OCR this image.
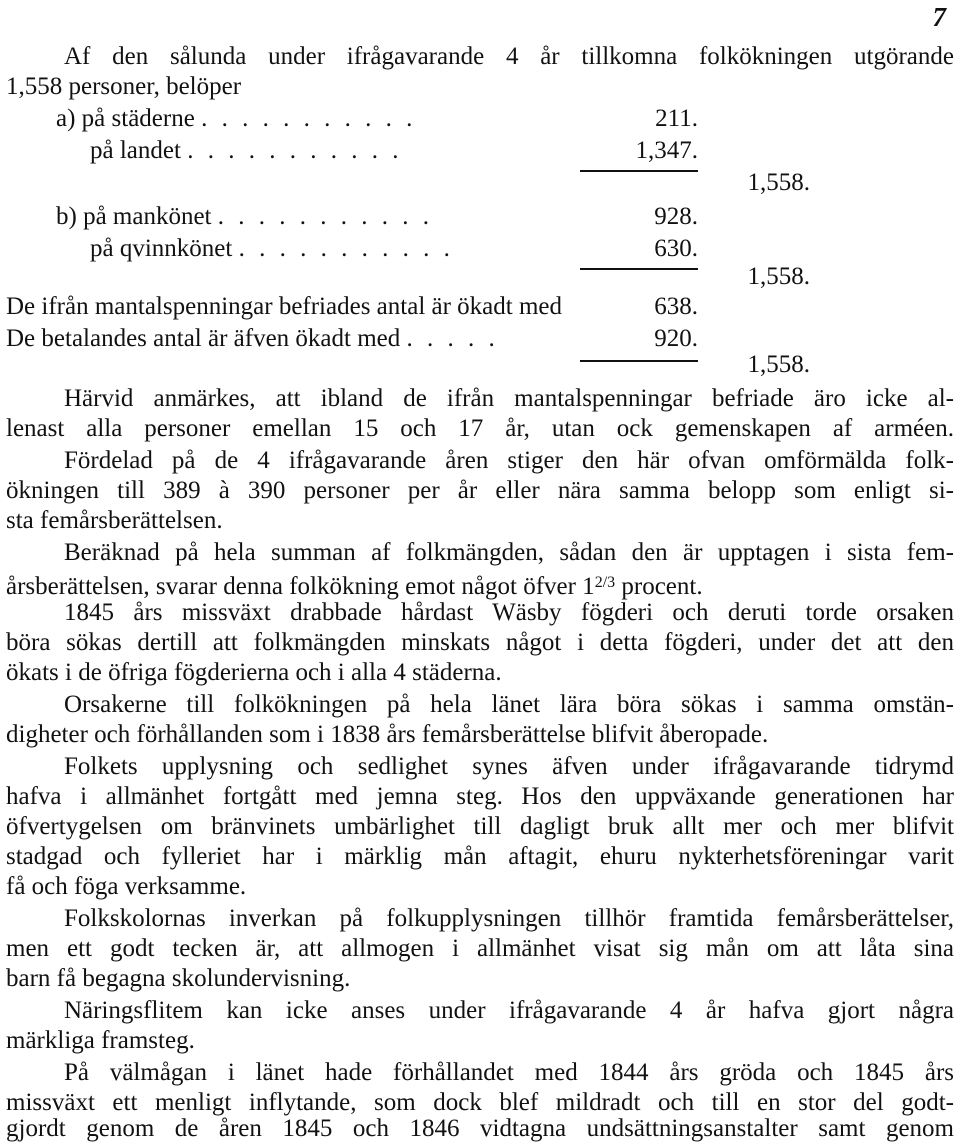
7
Af den sålunda under ifrågavarande 4 år tillkomna folkökningen utgörande
1,558 personer, belöper
a) på städerne . . . . . . . . . . .	211.
på landet . . . . . . . . . . .	1,347.
1,558.
b) på mankönet . . . . . . . . . . .	928.
på qvinnkönet . . . . . . . . . . .	630.
1,558.
De ifrån mantalspenningar befriades antal är ökadt med	638.
De betalandes antal är äfven ökadt med . . . . .	920.
1,558.
Härvid anmärkes, att ibland de ifrån mantalspenningar befriade äro icke al-
lenast alla personer emellan 15 och 17 år, utan ock gemenskapen af arméen.
Fördelad på de 4 ifrågavarande åren stiger den här ofvan omförmälda folk-
ökningen till 389 à 390 personer per år eller nära samma belopp som enligt si-
sta femårsberättelsen.
Beräknad på hela summan af folkmängden, sådan den är upptagen i sista fem-
årsberättelsen, svarar denna folkökning emot något öfver $1^{2/3}$ procent.
1845 års missväxt drabbade hårdast Wäsby fögderi och deruti torde orsaken
böra sökas dertill att folkmängden minskats något i detta fögderi, under det att den
ökats i de öfriga fögderierna och i alla 4 städerna.
Orsakerne till folkökningen på hela länet lära böra sökas i samma omstän-
digheter och förhållanden som i 1838 års femårsberättelse blifvit åberopade.
Folkets upplysning och sedlighet synes äfven under ifrågavarande tidrymd
hafva i allmänhet fortgått med jemna steg. Hos den uppväxande generationen har
öfvertygelsen om bränvinets umbärlighet till dagligt bruk allt mer och mer blifvit
stadgad och fylleriet har i märklig mån aftagit, ehuru nykterhetsföreningar varit
få och föga verksamme.
Folkskolornas inverkan på folkupplysningen tillhör framtida femårsberättelser,
men ett godt tecken är, att allmogen i allmänhet visat sig mån om att låta sina
barn få begagna skolundervisning.
Näringsflitem kan icke anses under ifrågavarande 4 år hafva gjort några
märkliga framsteg.
På välmågan i länet hade förhållandet med 1844 års gröda och 1845 års
missväxt ett menligt inflytande, som dock blef mildradt och till en stor del godt-
gjordt genom de åren 1845 och 1846 vidtagna undsättningsanstalter samt genom
